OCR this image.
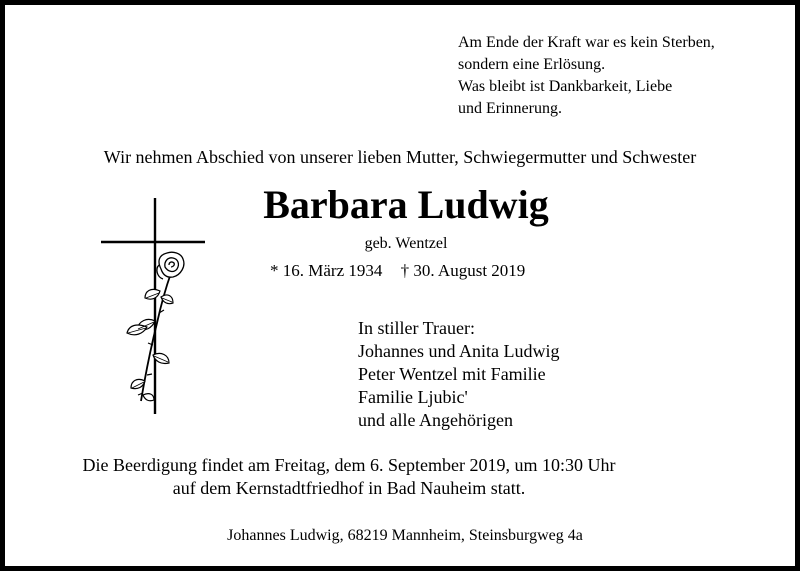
Am Ende der Kraft war es kein Sterben,
sondern eine Erlösung.
Was bleibt ist Dankbarkeit, Liebe
und Erinnerung.
Wir nehmen Abschied von unserer lieben Mutter, Schwiegermutter und Schwester
Barbara Ludwig
geb. Wentzel
* 16. März 1934 † 30. August 2019
In stiller Trauer:
Johannes und Anita Ludwig
Peter Wentzel mit Familie
Familie Ljubic'
und alle Angehörigen
Die Beerdigung findet am Freitag, dem 6. September 2019, um 10:30 Uhr
auf dem Kernstadtfriedhof in Bad Nauheim statt.
Johannes Ludwig, 68219 Mannheim, Steinsburgweg 4a
